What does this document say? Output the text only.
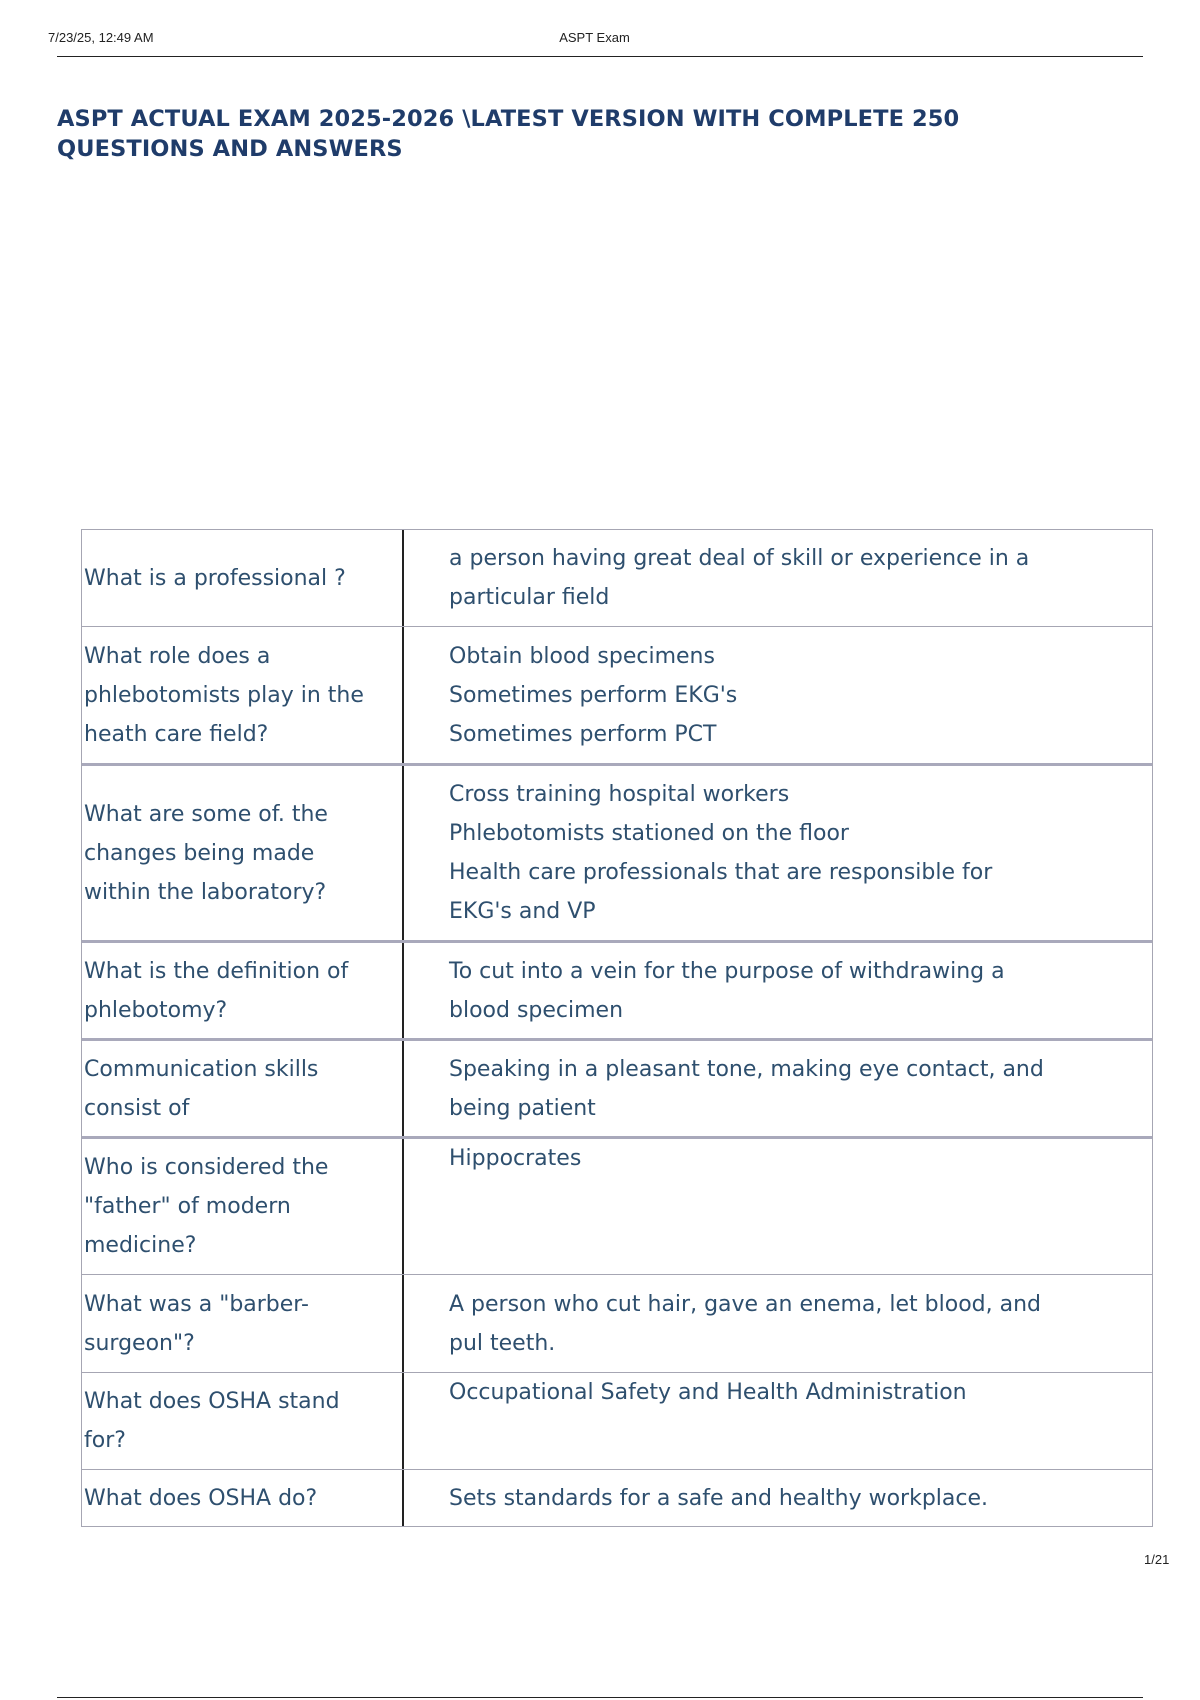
7/23/25, 12:49 AM	ASPT Exam
ASPT ACTUAL EXAM 2025-2026 \LATEST VERSION WITH COMPLETE 250
QUESTIONS AND ANSWERS
What is a professional ?
a person having great deal of skill or experience in a
particular field
What role does a
phlebotomists play in the
heath care field?
Obtain blood specimens
Sometimes perform EKG's
Sometimes perform PCT
What are some of. the
changes being made
within the laboratory?
Cross training hospital workers
Phlebotomists stationed on the floor
Health care professionals that are responsible for
EKG's and VP
What is the definition of
phlebotomy?
To cut into a vein for the purpose of withdrawing a
blood specimen
Communication skills
consist of
Speaking in a pleasant tone, making eye contact, and
being patient
Who is considered the
"father" of modern
medicine?
Hippocrates
What was a "barber-
surgeon"?
A person who cut hair, gave an enema, let blood, and
pul teeth.
What does OSHA stand
for?
Occupational Safety and Health Administration
What does OSHA do?	Sets standards for a safe and healthy workplace.
1/21
